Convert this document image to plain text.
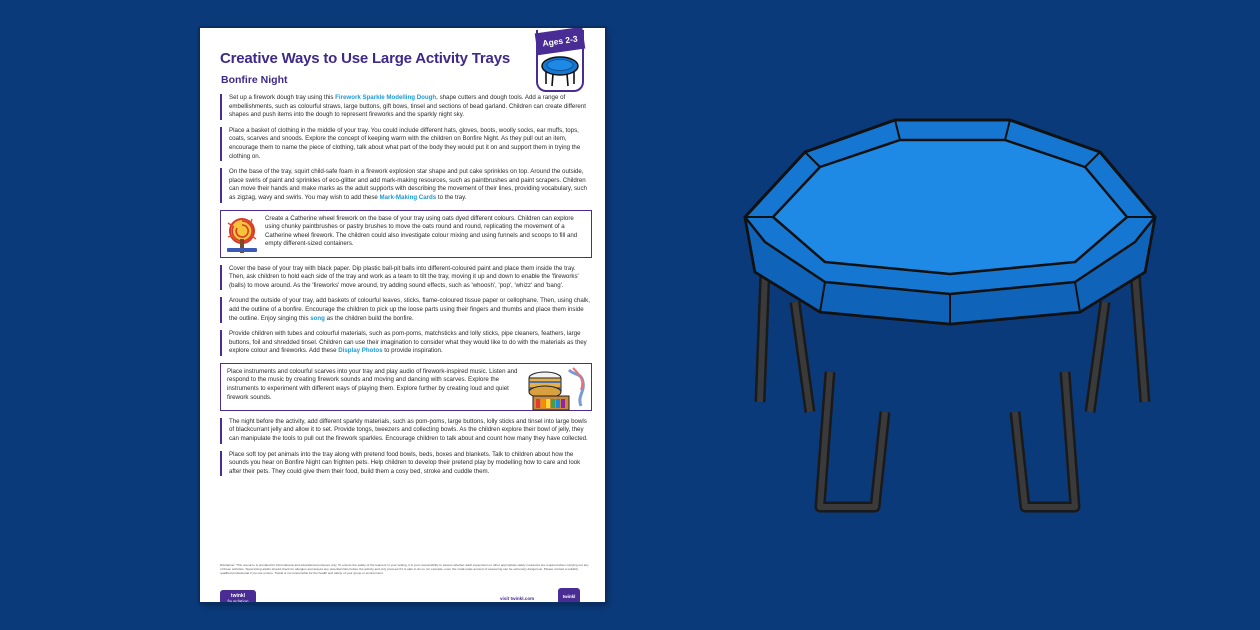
Creative Ways to Use Large Activity Trays
Bonfire Night
Ages 2-3
Set up a firework dough tray using this Firework Sparkle Modelling Dough, shape cutters and dough tools. Add a range of embellishments, such as colourful straws, large buttons, gift bows, tinsel and sections of bead garland. Children can create different shapes and push items into the dough to represent fireworks and the sparkly night sky.
Place a basket of clothing in the middle of your tray. You could include different hats, gloves, boots, woolly socks, ear muffs, tops, coats, scarves and snoods. Explore the concept of keeping warm with the children on Bonfire Night. As they pull out an item, encourage them to name the piece of clothing, talk about what part of the body they would put it on and support them in trying the clothing on.
On the base of the tray, squirt child-safe foam in a firework explosion star shape and put cake sprinkles on top. Around the outside, place swirls of paint and sprinkles of eco-glitter and add mark-making resources, such as paintbrushes and paint scrapers. Children can move their hands and make marks as the adult supports with describing the movement of their lines, providing vocabulary, such as zigzag, wavy and swirls. You may wish to add these Mark-Making Cards to the tray.
Create a Catherine wheel firework on the base of your tray using oats dyed different colours. Children can explore using chunky paintbrushes or pastry brushes to move the oats round and round, replicating the movement of a Catherine wheel firework. The children could also investigate colour mixing and using funnels and scoops to fill and empty different-sized containers.
Cover the base of your tray with black paper. Dip plastic ball-pit balls into different-coloured paint and place them inside the tray. Then, ask children to hold each side of the tray and work as a team to tilt the tray, moving it up and down to enable the 'fireworks' (balls) to move around. As the 'fireworks' move around, try adding sound effects, such as 'whoosh', 'pop', 'whizz' and 'bang'.
Around the outside of your tray, add baskets of colourful leaves, sticks, flame-coloured tissue paper or cellophane. Then, using chalk, add the outline of a bonfire. Encourage the children to pick up the loose parts using their fingers and thumbs and place them inside the outline. Enjoy singing this song as the children build the bonfire.
Provide children with tubes and colourful materials, such as pom-poms, matchsticks and lolly sticks, pipe cleaners, feathers, large buttons, foil and shredded tinsel. Children can use their imagination to consider what they would like to do with the materials as they explore colour and fireworks. Add these Display Photos to provide inspiration.
Place instruments and colourful scarves into your tray and play audio of firework-inspired music. Listen and respond to the music by creating firework sounds and moving and dancing with scarves. Explore the instruments to experiment with different ways of playing them. Explore further by creating loud and quiet firework sounds.
The night before the activity, add different sparkly materials, such as pom-poms, large buttons, lolly sticks and tinsel into large bowls of blackcurrant jelly and allow it to set. Provide tongs, tweezers and collecting bowls. As the children explore their bowl of jelly, they can manipulate the tools to pull out the firework sparkles. Encourage children to talk about and count how many they have collected.
Place soft toy pet animals into the tray along with pretend food bowls, beds, boxes and blankets. Talk to children about how the sounds you hear on Bonfire Night can frighten pets. Help children to develop their pretend play by modelling how to care and look after their pets. They could give them their food, build them a cosy bed, stroke and cuddle them.
Disclaimer: This resource is provided for informational and educational purposes only. To ensure the safety of the learners in your setting, it is your responsibility to assess whether adult supervision or other appropriate safety measures are required when carrying out any of these activities. Supervising adults should check for allergies and assess any potential risks before the activity and only proceed if it is safe to do so, for example, even the small-scale amount of seasoning can be extremely dangerous. Please contact a suitably qualified professional if you are unsure. Twinkl is not responsible for the health and safety of your group or environment.
twinkl
foundation
visit twinkl.com	twinkl
